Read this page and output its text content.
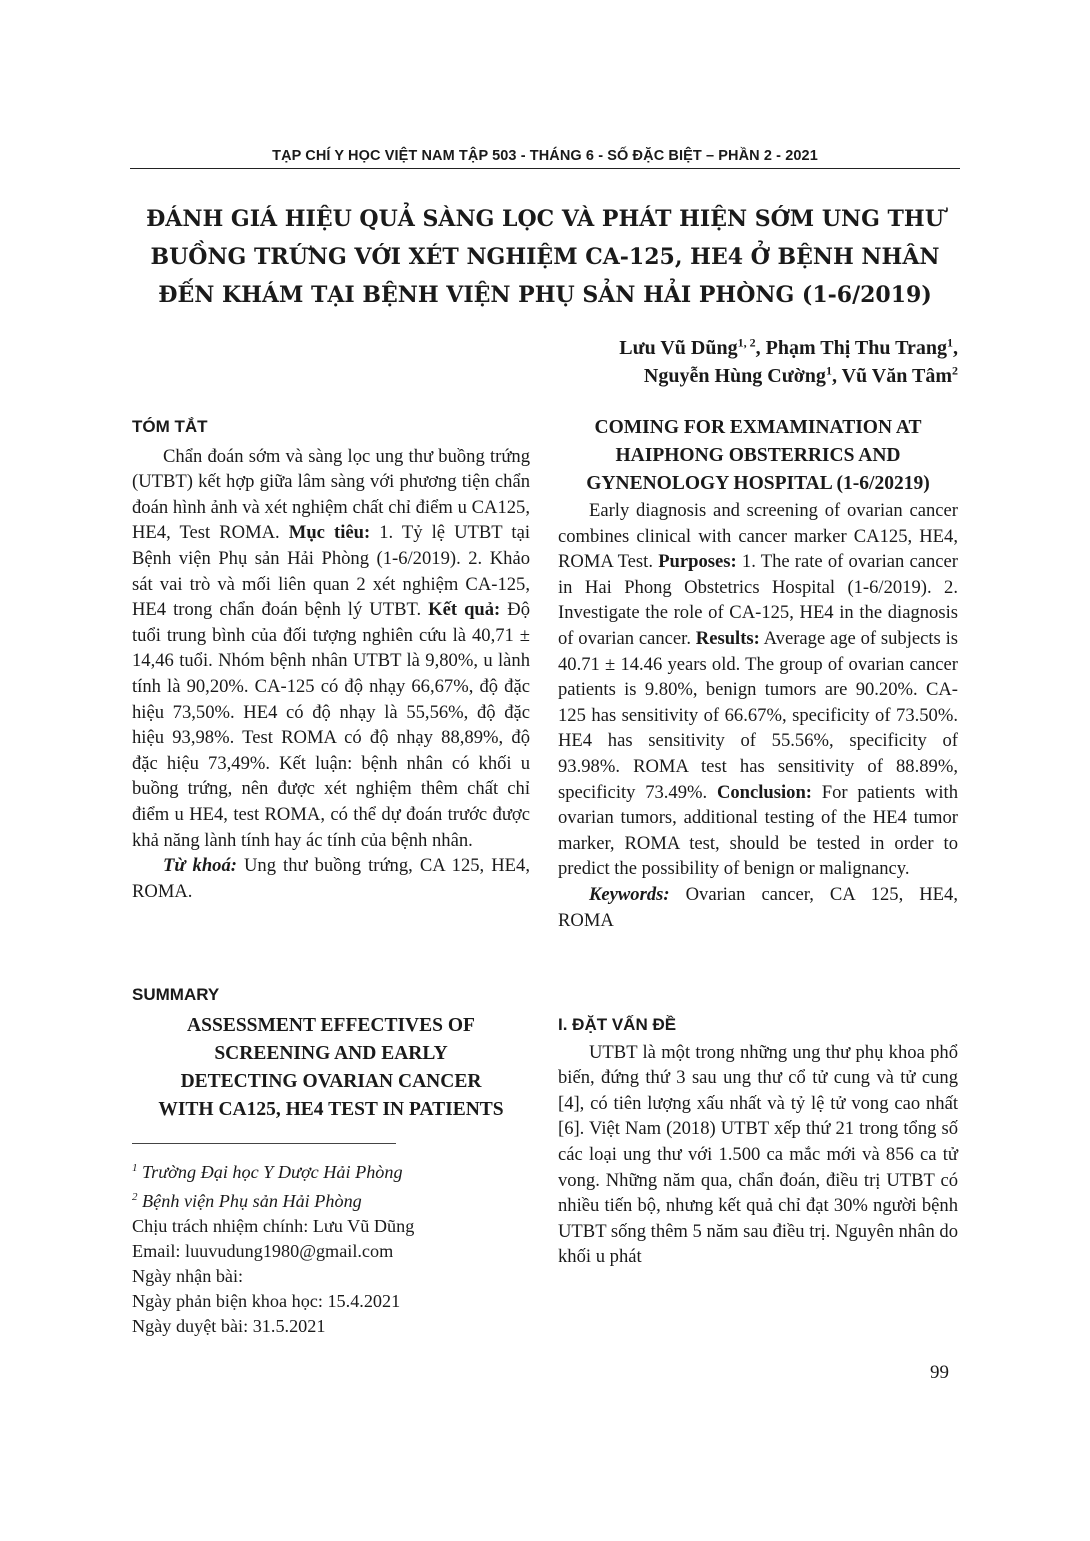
TẠP CHÍ Y HỌC VIỆT NAM TẬP 503 - THÁNG 6 - SỐ ĐẶC BIỆT – PHẦN 2 - 2021
ĐÁNH GIÁ HIỆU QUẢ SÀNG LỌC VÀ PHÁT HIỆN SỚM UNG THƯ
BUỒNG TRỨNG VỚI XÉT NGHIỆM CA-125, HE4 Ở BỆNH NHÂN
ĐẾN KHÁM TẠI BỆNH VIỆN PHỤ SẢN HẢI PHÒNG (1-6/2019)
Lưu Vũ Dũng$^{1, 2}$, Phạm Thị Thu Trang$^1$,
Nguyễn Hùng Cường$^1$, Vũ Văn Tâm$^2$
TÓM TẮT

Chẩn đoán sớm và sàng lọc ung thư buồng trứng (UTBT) kết hợp giữa lâm sàng với phương tiện chẩn đoán hình ảnh và xét nghiệm chất chỉ điểm u CA125, HE4, Test ROMA. Mục tiêu: 1. Tỷ lệ UTBT tại Bệnh viện Phụ sản Hải Phòng (1-6/2019). 2. Khảo sát vai trò và mối liên quan 2 xét nghiệm CA-125, HE4 trong chẩn đoán bệnh lý UTBT. Kết quả: Độ tuổi trung bình của đối tượng nghiên cứu là 40,71 ± 14,46 tuổi. Nhóm bệnh nhân UTBT là 9,80%, u lành tính là 90,20%. CA-125 có độ nhạy 66,67%, độ đặc hiệu 73,50%. HE4 có độ nhạy là 55,56%, độ đặc hiệu 93,98%. Test ROMA có độ nhạy 88,89%, độ đặc hiệu 73,49%. Kết luận: bệnh nhân có khối u buồng trứng, nên được xét nghiệm thêm chất chỉ điểm u HE4, test ROMA, có thể dự đoán trước được khả năng lành tính hay ác tính của bệnh nhân.

Từ khoá: Ung thư buồng trứng, CA 125, HE4, ROMA.

SUMMARY
ASSESSMENT EFFECTIVES OF
SCREENING AND EARLY
DETECTING OVARIAN CANCER
WITH CA125, HE4 TEST IN PATIENTS
$^1$ Trường Đại học Y Dược Hải Phòng
$^2$ Bệnh viện Phụ sản Hải Phòng
Chịu trách nhiệm chính: Lưu Vũ Dũng
Email: luuvudung1980@gmail.com
Ngày nhận bài:
Ngày phản biện khoa học: 15.4.2021
Ngày duyệt bài: 31.5.2021
COMING FOR EXMAMINATION AT
HAIPHONG OBSTERRICS AND
GYNENOLOGY HOSPITAL (1-6/20219)

Early diagnosis and screening of ovarian cancer combines clinical with cancer marker CA125, HE4, ROMA Test. Purposes: 1. The rate of ovarian cancer in Hai Phong Obstetrics Hospital (1-6/2019). 2. Investigate the role of CA-125, HE4 in the diagnosis of ovarian cancer. Results: Average age of subjects is 40.71 ± 14.46 years old. The group of ovarian cancer patients is 9.80%, benign tumors are 90.20%. CA-125 has sensitivity of 66.67%, specificity of 73.50%. HE4 has sensitivity of 55.56%, specificity of 93.98%. ROMA test has sensitivity of 88.89%, specificity 73.49%. Conclusion: For patients with ovarian tumors, additional testing of the HE4 tumor marker, ROMA test, should be tested in order to predict the possibility of benign or malignancy.

Keywords: Ovarian cancer, CA 125, HE4, ROMA

I. ĐẶT VẤN ĐỀ

UTBT là một trong những ung thư phụ khoa phổ biến, đứng thứ 3 sau ung thư cổ tử cung và tử cung [4], có tiên lượng xấu nhất và tỷ lệ tử vong cao nhất [6]. Việt Nam (2018) UTBT xếp thứ 21 trong tổng số các loại ung thư với 1.500 ca mắc mới và 856 ca tử vong. Những năm qua, chẩn đoán, điều trị UTBT có nhiều tiến bộ, nhưng kết quả chỉ đạt 30% người bệnh UTBT sống thêm 5 năm sau điều trị. Nguyên nhân do khối u phát

99
